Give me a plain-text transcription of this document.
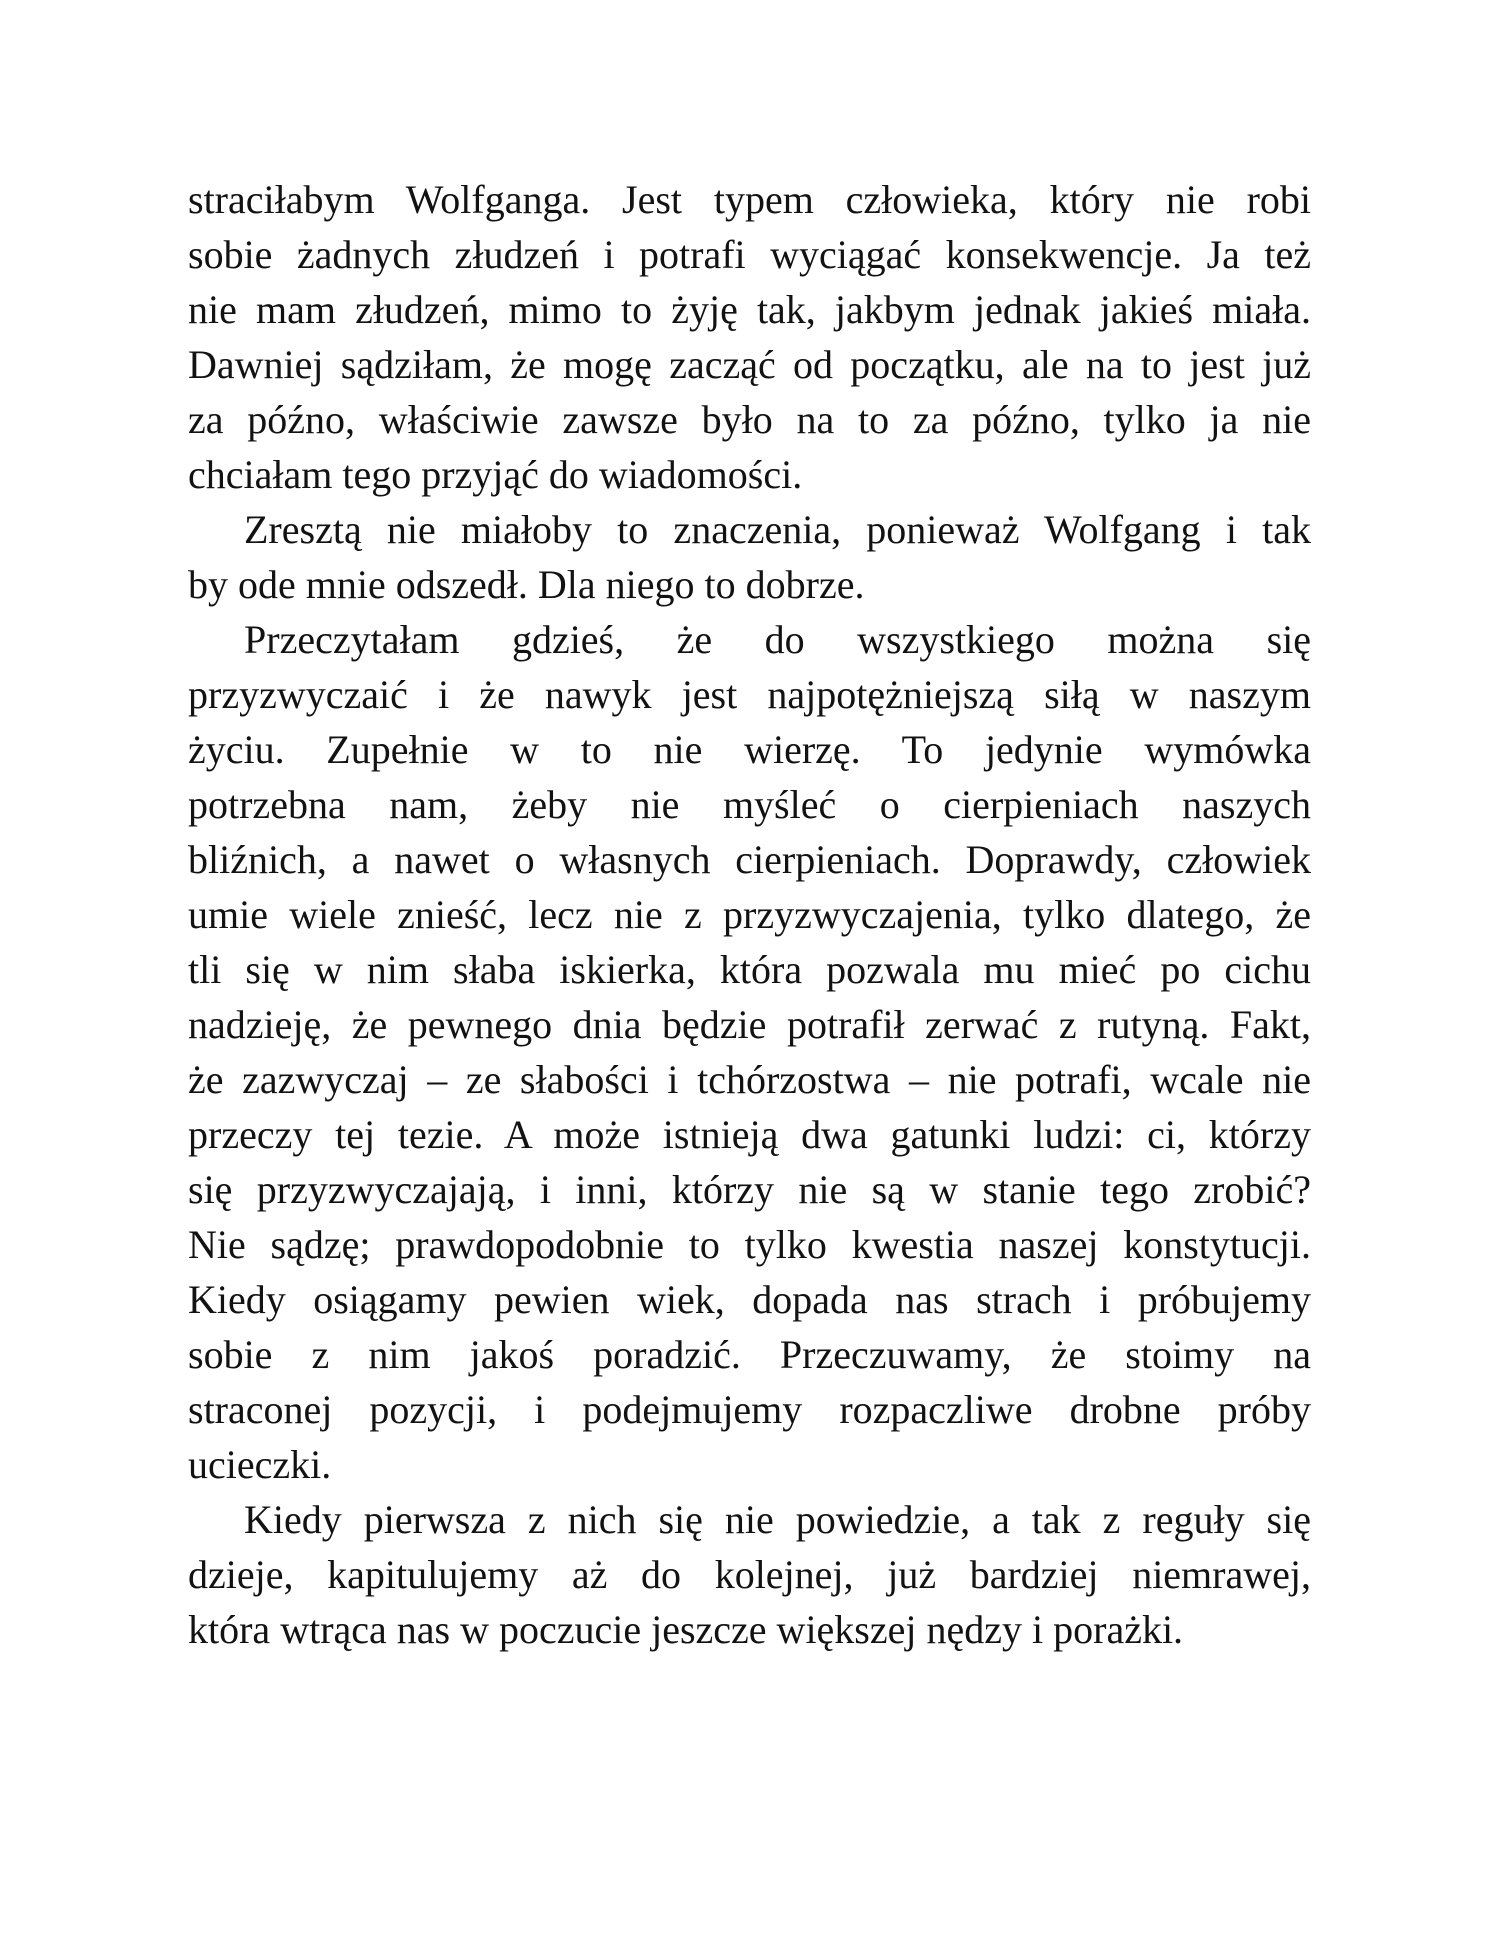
straciłabym Wolfganga. Jest typem człowieka, który nie robi
sobie żadnych złudzeń i potrafi wyciągać konsekwencje. Ja też
nie mam złudzeń, mimo to żyję tak, jakbym jednak jakieś miała.
Dawniej sądziłam, że mogę zacząć od początku, ale na to jest już
za późno, właściwie zawsze było na to za późno, tylko ja nie
chciałam tego przyjąć do wiadomości.
Zresztą nie miałoby to znaczenia, ponieważ Wolfgang i tak
by ode mnie odszedł. Dla niego to dobrze.
Przeczytałam gdzieś, że do wszystkiego można się
przyzwyczaić i że nawyk jest najpotężniejszą siłą w naszym
życiu. Zupełnie w to nie wierzę. To jedynie wymówka
potrzebna nam, żeby nie myśleć o cierpieniach naszych
bliźnich, a nawet o własnych cierpieniach. Doprawdy, człowiek
umie wiele znieść, lecz nie z przyzwyczajenia, tylko dlatego, że
tli się w nim słaba iskierka, która pozwala mu mieć po cichu
nadzieję, że pewnego dnia będzie potrafił zerwać z rutyną. Fakt,
że zazwyczaj – ze słabości i tchórzostwa – nie potrafi, wcale nie
przeczy tej tezie. A może istnieją dwa gatunki ludzi: ci, którzy
się przyzwyczajają, i inni, którzy nie są w stanie tego zrobić?
Nie sądzę; prawdopodobnie to tylko kwestia naszej konstytucji.
Kiedy osiągamy pewien wiek, dopada nas strach i próbujemy
sobie z nim jakoś poradzić. Przeczuwamy, że stoimy na
straconej pozycji, i podejmujemy rozpaczliwe drobne próby
ucieczki.
Kiedy pierwsza z nich się nie powiedzie, a tak z reguły się
dzieje, kapitulujemy aż do kolejnej, już bardziej niemrawej,
która wtrąca nas w poczucie jeszcze większej nędzy i porażki.
